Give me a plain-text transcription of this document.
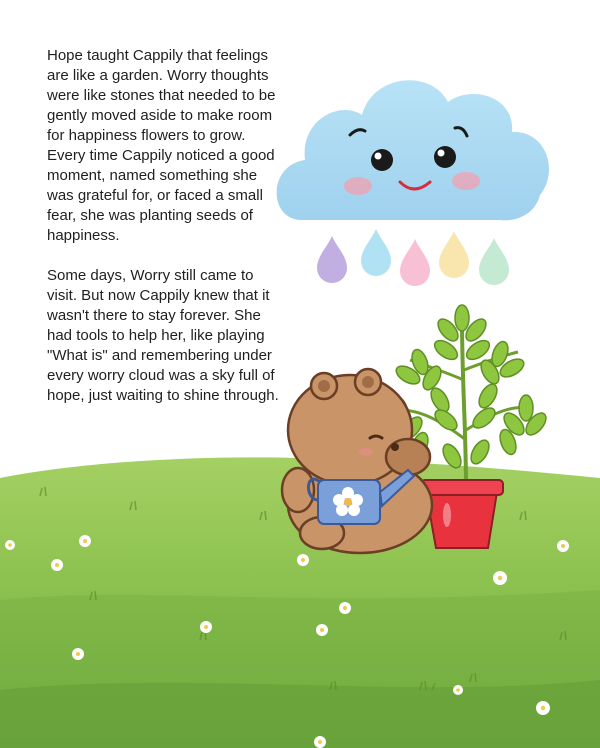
Hope taught Cappily that feelings are like a garden. Worry thoughts were like stones that needed to be gently moved aside to make room for happiness flowers to grow. Every time Cappily noticed a good moment, named something she was grateful for, or faced a small fear, she was planting seeds of happiness.

Some days, Worry still came to visit. But now Cappily knew that it wasn't there to stay forever. She had tools to help her, like playing "What is" and remembering under every worry cloud was a sky full of hope, just waiting to shine through.
